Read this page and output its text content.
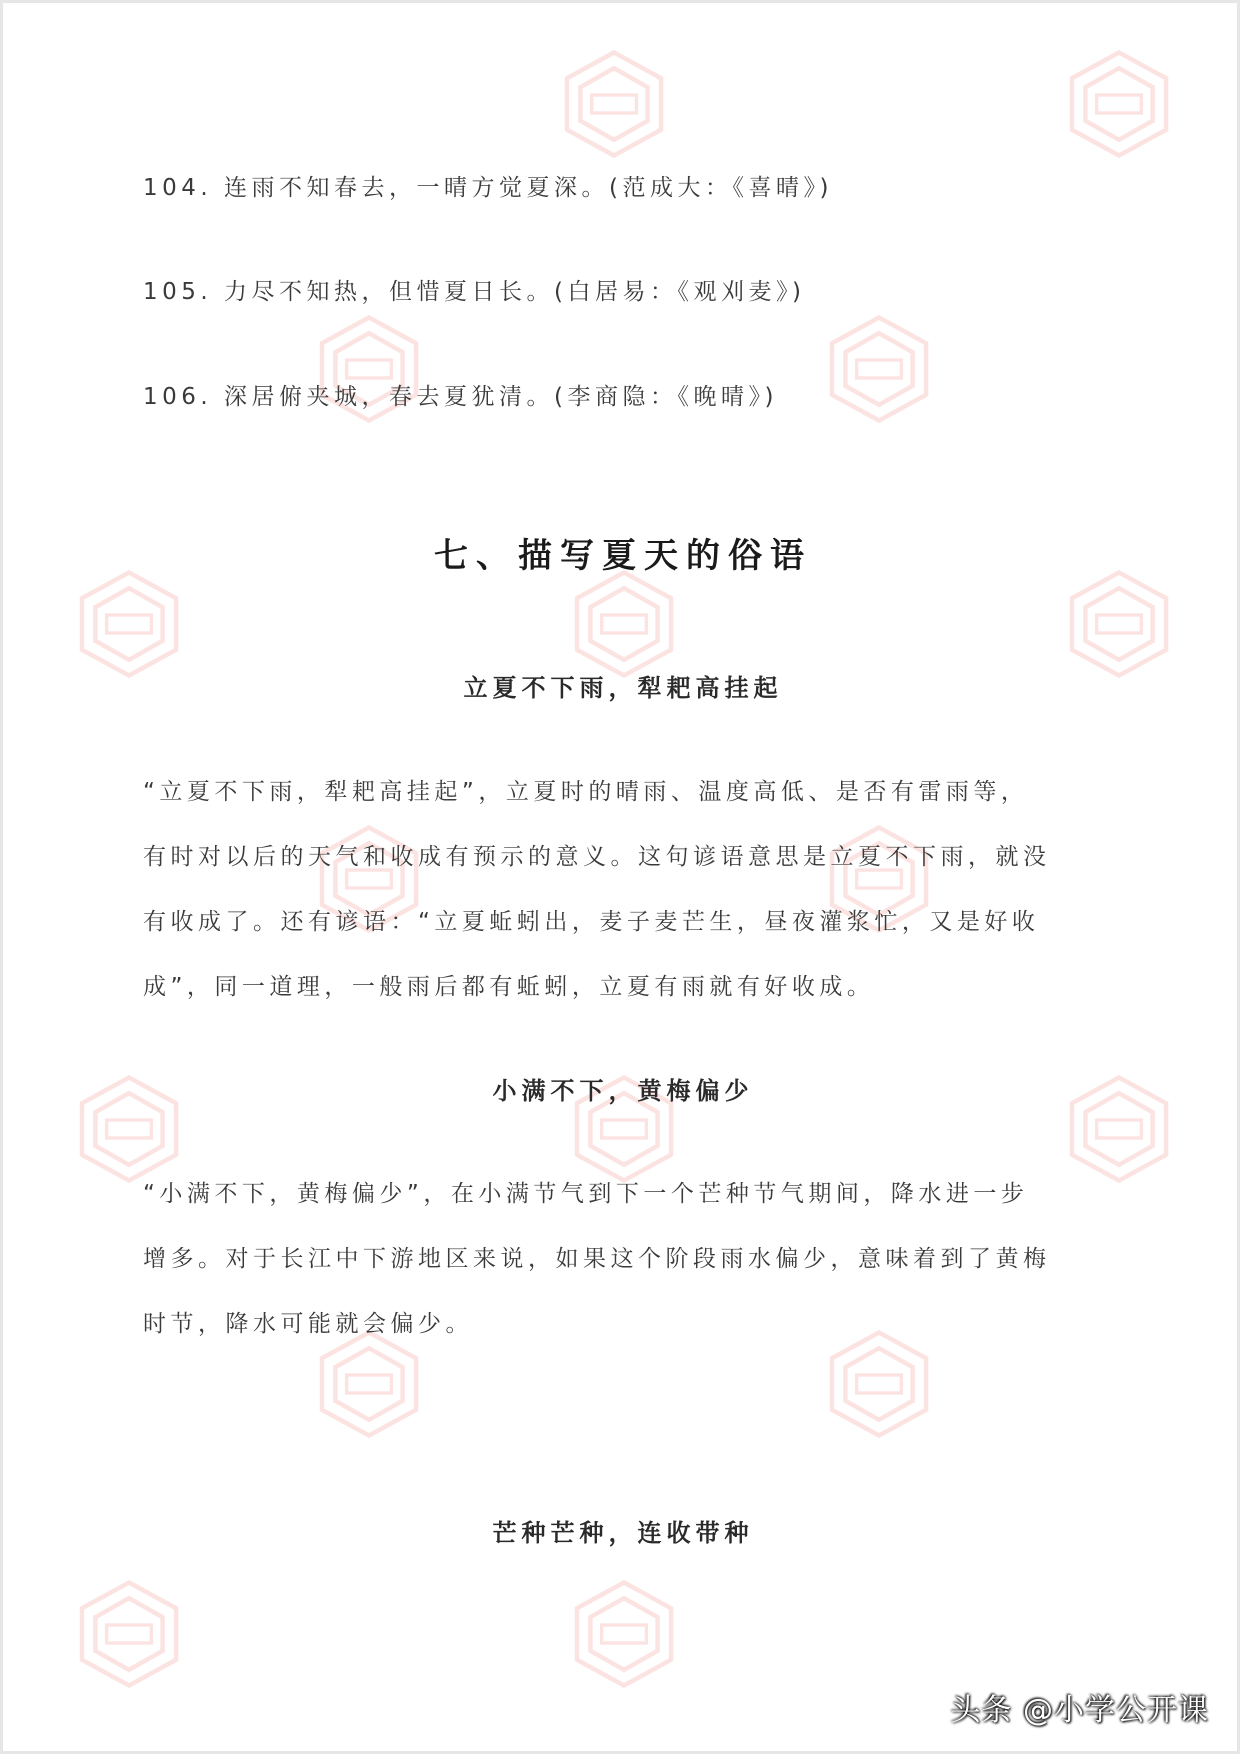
104. 连雨不知春去，一晴方觉夏深。(范成大：《喜晴》)
105. 力尽不知热，但惜夏日长。(白居易：《观刈麦》)
106. 深居俯夹城，春去夏犹清。(李商隐：《晚晴》)
七、描写夏天的俗语
立夏不下雨，犁耙高挂起
“立夏不下雨，犁耙高挂起”，立夏时的晴雨、温度高低、是否有雷雨等，
有时对以后的天气和收成有预示的意义。这句谚语意思是立夏不下雨，就没
有收成了。还有谚语：“立夏蚯蚓出，麦子麦芒生，昼夜灌浆忙，又是好收
成”，同一道理，一般雨后都有蚯蚓，立夏有雨就有好收成。
小满不下，黄梅偏少
“小满不下，黄梅偏少”，在小满节气到下一个芒种节气期间，降水进一步
增多。对于长江中下游地区来说，如果这个阶段雨水偏少，意味着到了黄梅
时节，降水可能就会偏少。
芒种芒种，连收带种
头条 @小学公开课
